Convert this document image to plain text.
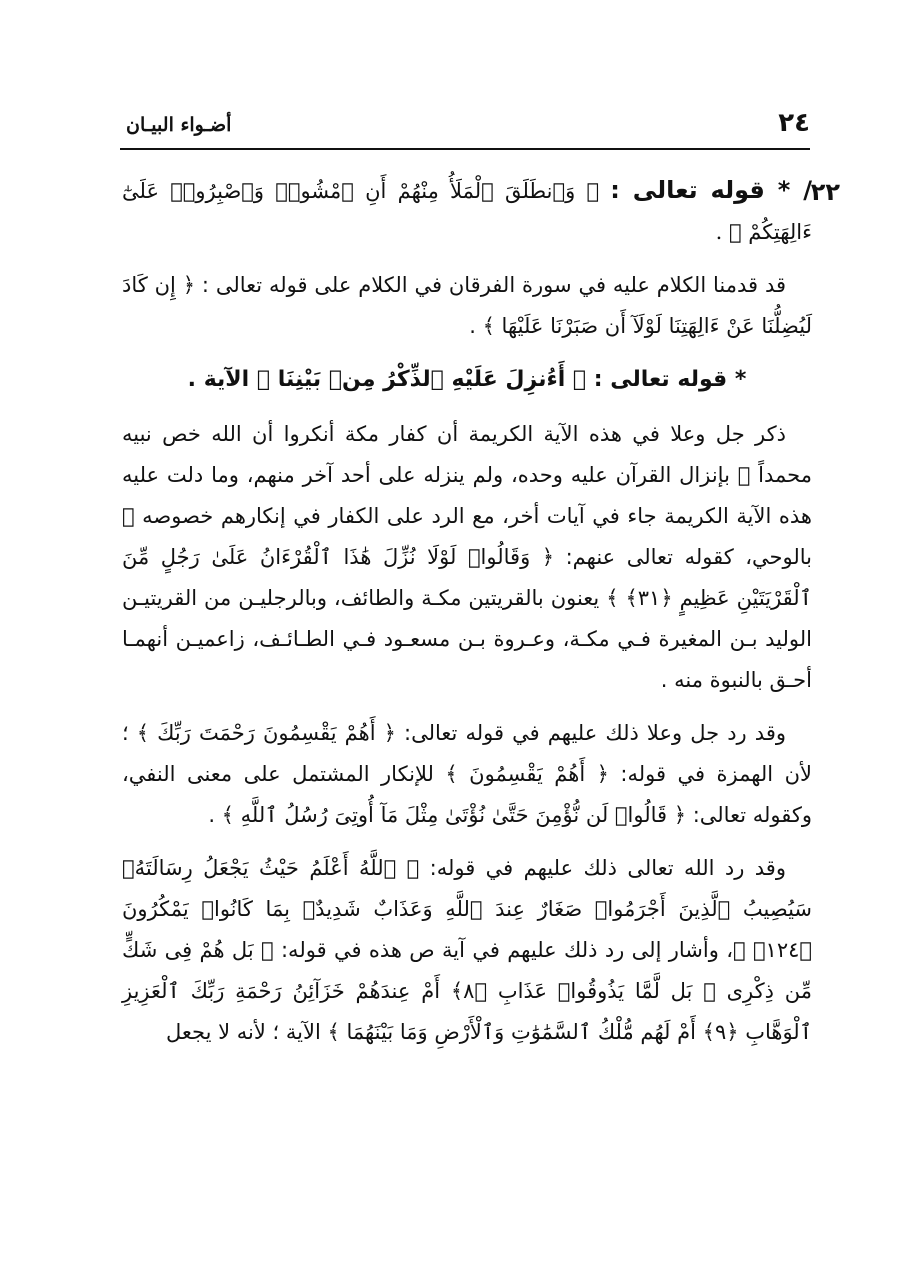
٢٤
أضـواء البيـان
٢٢

/ * قوله تعالى : ﴿ وَٱنطَلَقَ ٱلْمَلَأُ مِنْهُمْ أَنِ ٱمْشُوا۟ وَٱصْبِرُوا۟ عَلَىٰٓ ءَالِهَتِكُمْ ﴾ .

قد قدمنا الكلام عليه في سورة الفرقان في الكلام على قوله تعالى : ﴿ إِن كَادَ لَيُضِلُّنَا عَنْ ءَالِهَتِنَا لَوْلَآ أَن صَبَرْنَا عَلَيْهَا ﴾ .

* قوله تعالى : ﴿ أَءُنزِلَ عَلَيْهِ ٱلذِّكْرُ مِنۢ بَيْنِنَا ﴾ الآية .

ذكر جل وعلا في هذه الآية الكريمة أن كفار مكة أنكروا أن الله خص نبيه محمداً ﷺ بإنزال القرآن عليه وحده، ولم ينزله على أحد آخر منهم، وما دلت عليه هذه الآية الكريمة جاء في آيات أخر، مع الرد على الكفار في إنكارهم خصوصه ﷺ بالوحي، كقوله تعالى عنهم: ﴿ وَقَالُوا۟ لَوْلَا نُزِّلَ هَٰذَا ٱلْقُرْءَانُ عَلَىٰ رَجُلٍ مِّنَ ٱلْقَرْيَتَيْنِ عَظِيمٍ ﴿٣١﴾ ﴾ يعنون بالقريتين مكـة والطائف، وبالرجليـن من القريتيـن الوليد بـن المغيرة فـي مكـة، وعـروة بـن مسعـود فـي الطـائـف، زاعميـن أنهمـا أحـق بالنبوة منه .

وقد رد جل وعلا ذلك عليهم في قوله تعالى: ﴿ أَهُمْ يَقْسِمُونَ رَحْمَتَ رَبِّكَ ﴾ ؛ لأن الهمزة في قوله: ﴿ أَهُمْ يَقْسِمُونَ ﴾ للإنكار المشتمل على معنى النفي، وكقوله تعالى: ﴿ قَالُوا۟ لَن نُّؤْمِنَ حَتَّىٰ نُؤْتَىٰ مِثْلَ مَآ أُوتِىَ رُسُلُ ٱللَّهِ ﴾ .

وقد رد الله تعالى ذلك عليهم في قوله: ﴿ ٱللَّهُ أَعْلَمُ حَيْثُ يَجْعَلُ رِسَالَتَهُۥ سَيُصِيبُ ٱلَّذِينَ أَجْرَمُوا۟ صَغَارٌ عِندَ ٱللَّهِ وَعَذَابٌ شَدِيدٌۢ بِمَا كَانُوا۟ يَمْكُرُونَ ﴿١٢٤﴾ ﴾، وأشار إلى رد ذلك عليهم في آية ص هذه في قوله: ﴿ بَل هُمْ فِى شَكٍّ مِّن ذِكْرِى ۖ بَل لَّمَّا يَذُوقُوا۟ عَذَابِ ﴿٨﴾ أَمْ عِندَهُمْ خَزَآئِنُ رَحْمَةِ رَبِّكَ ٱلْعَزِيزِ ٱلْوَهَّابِ ﴿٩﴾ أَمْ لَهُم مُّلْكُ ٱلسَّمَٰوَٰتِ وَٱلْأَرْضِ وَمَا بَيْنَهُمَا ﴾ الآية ؛ لأنه لا يجعل
